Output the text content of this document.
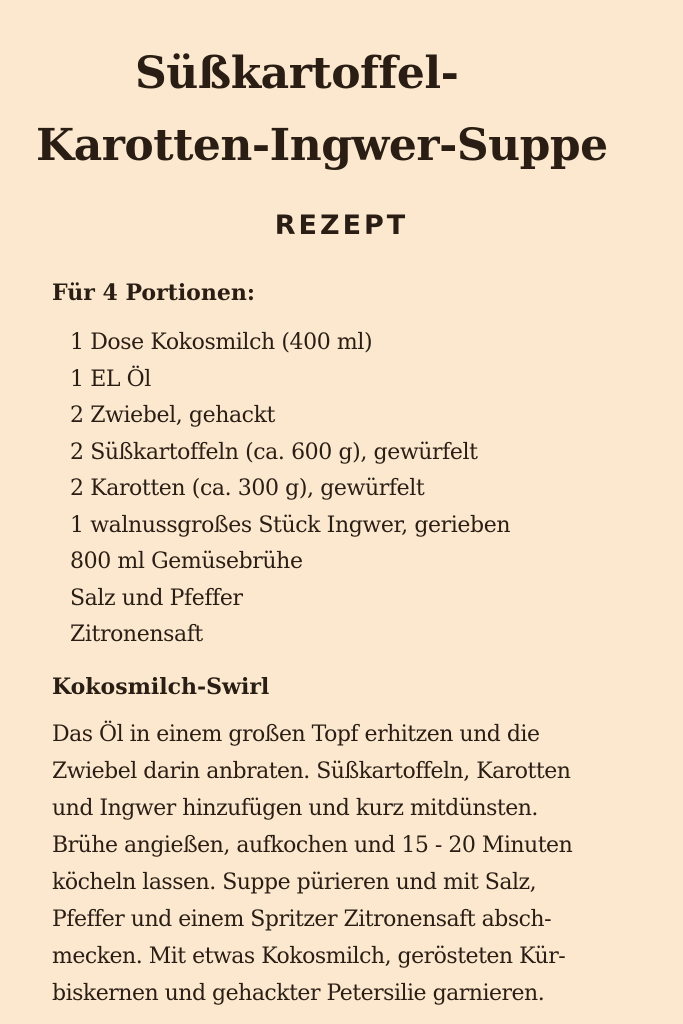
Süßkartoffel-
Karotten-Ingwer-Suppe
REZEPT
Für 4 Portionen:
1 Dose Kokosmilch (400 ml)
1 EL Öl
2 Zwiebel, gehackt
2 Süßkartoffeln (ca. 600 g), gewürfelt
2 Karotten (ca. 300 g), gewürfelt
1 walnussgroßes Stück Ingwer, gerieben
800 ml Gemüsebrühe
Salz und Pfeffer
Zitronensaft
Kokosmilch-Swirl
Das Öl in einem großen Topf erhitzen und die
Zwiebel darin anbraten. Süßkartoffeln, Karotten
und Ingwer hinzufügen und kurz mitdünsten.
Brühe angießen, aufkochen und 15 - 20 Minuten
köcheln lassen. Suppe pürieren und mit Salz,
Pfeffer und einem Spritzer Zitronensaft absch-
mecken. Mit etwas Kokosmilch, gerösteten Kür-
biskernen und gehackter Petersilie garnieren.
